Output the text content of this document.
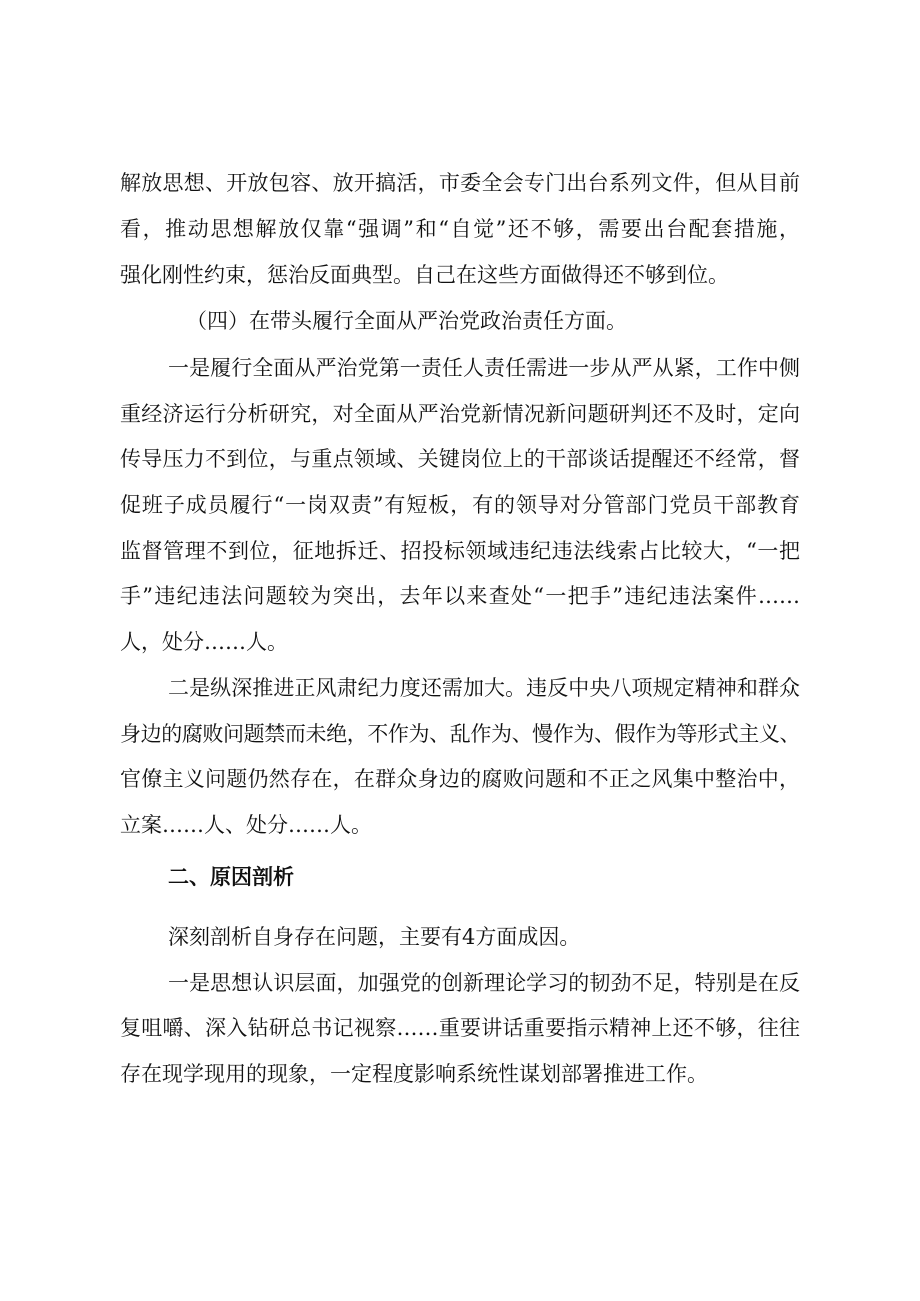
解放思想、开放包容、放开搞活，市委全会专门出台系列文件，但从目前
看，推动思想解放仅靠“强调”和“自觉”还不够，需要出台配套措施，
强化刚性约束，惩治反面典型。自己在这些方面做得还不够到位。
（四）在带头履行全面从严治党政治责任方面。
一是履行全面从严治党第一责任人责任需进一步从严从紧，工作中侧
重经济运行分析研究，对全面从严治党新情况新问题研判还不及时，定向
传导压力不到位，与重点领域、关键岗位上的干部谈话提醒还不经常，督
促班子成员履行“一岗双责”有短板，有的领导对分管部门党员干部教育
监督管理不到位，征地拆迁、招投标领域违纪违法线索占比较大，“一把
手”违纪违法问题较为突出，去年以来查处“一把手”违纪违法案件……
人，处分……人。
二是纵深推进正风肃纪力度还需加大。违反中央八项规定精神和群众
身边的腐败问题禁而未绝，不作为、乱作为、慢作为、假作为等形式主义、
官僚主义问题仍然存在，在群众身边的腐败问题和不正之风集中整治中，
立案……人、处分……人。
二、原因剖析
深刻剖析自身存在问题，主要有4方面成因。
一是思想认识层面，加强党的创新理论学习的韧劲不足，特别是在反
复咀嚼、深入钻研总书记视察……重要讲话重要指示精神上还不够，往往
存在现学现用的现象，一定程度影响系统性谋划部署推进工作。
